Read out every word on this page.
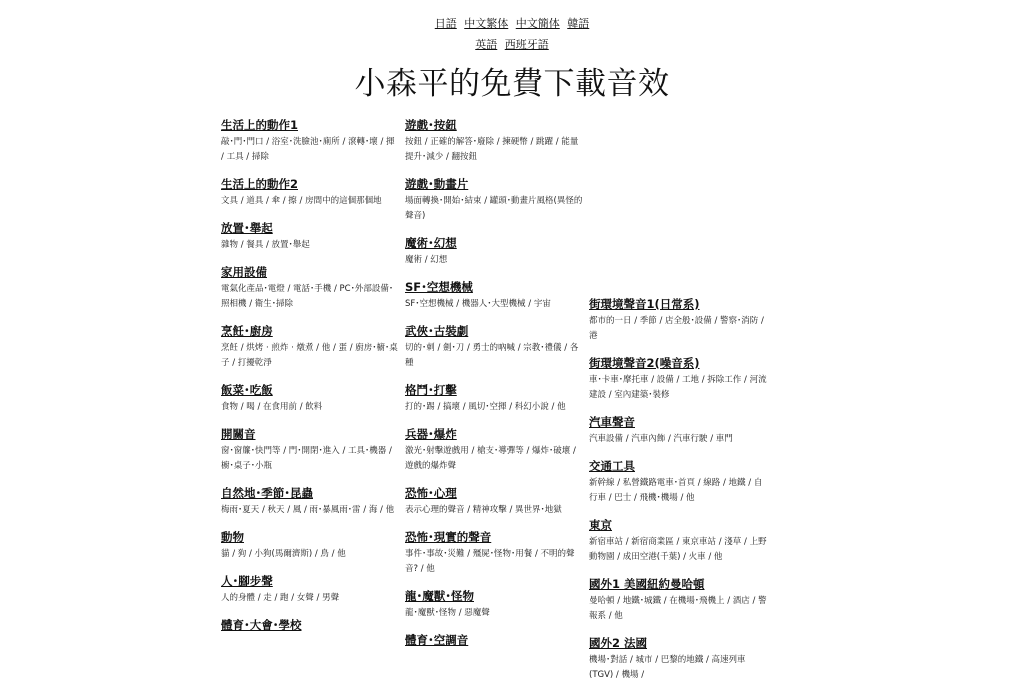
日語 中文繁体 中文簡体 韓語
英語 西班牙語
小森平的免費下載音效
生活上的動作1

敲･門･門口 / 浴室･洗臉池･廁所 / 滾轉･壞 / 揮 / 工具 / 掃除

生活上的動作2

文具 / 道具 / 傘 / 擦 / 房間中的這個那個地

放置･舉起

雜物 / 餐具 / 放置･舉起

家用設備

電氣化產品･電燈 / 電話･手機 / PC･外部設備･照相機 / 衛生･掃除

烹飪･廚房

烹飪 / 烘烤 · 煎炸 · 燉煮 / 他 / 蛋 / 廚房･櫥･桌子 / 打擾乾淨

飯菜･吃飯

食物 / 喝 / 在食用前 / 飲料

開關音

窗･窗簾･快門等 / 門･開閉･進入 / 工具･機器 / 櫥･桌子･小瓶

自然地･季節･昆蟲

梅雨･夏天 / 秋天 / 風 / 雨･暴風雨･雷 / 海 / 他

動物

貓 / 狗 / 小狗(馬爾濟斯) / 鳥 / 他

人･腳步聲

人的身體 / 走 / 跑 / 女聲 / 男聲

體育･大會･學校
遊戲･按鈕

按鈕 / 正確的解答･廢除 / 揀硬幣 / 跳躍 / 能量提升･減少 / 翻按鈕

遊戲･動畫片

場面轉換･開始･結束 / 罐頭･動畫片風格(異怪的聲音)

魔術･幻想

魔術 / 幻想

SF･空想機械

SF･空想機械 / 機器人･大型機械 / 宇宙

武俠･古裝劇

切的･刺 / 劍･刀 / 勇士的吶喊 / 宗教･禮儀 / 各種

格鬥･打擊

打的･踢 / 搞壞 / 風切･空揮 / 科幻小說 / 他

兵器･爆炸

激光･射擊遊戲用 / 槍支･導彈等 / 爆炸･破壞 / 遊戲的爆炸聲

恐怖･心理

表示心理的聲音 / 精神攻擊 / 異世界･地獄

恐怖･現實的聲音

事件･事故･災難 / 殭屍･怪物･用餐 / 不明的聲音? / 他

龍･魔獸･怪物

龍･魔獸･怪物 / 惡魔聲

體育･空調音
街環境聲音1(日常系)

都市的一日 / 季節 / 店全般･設備 / 警察･消防 / 港

街環境聲音2(噪音系)

車･卡車･摩托車 / 設備 / 工地 / 拆除工作 / 河流建設 / 室內建築･裝修

汽車聲音

汽車設備 / 汽車內飾 / 汽車行駛 / 車門

交通工具

新幹線 / 私營鐵路電車･首頁 / 線路 / 地鐵 / 自行車 / 巴士 / 飛機･機場 / 他

東京

新宿車站 / 新宿商業區 / 東京車站 / 淺草 / 上野動物園 / 成田空港(千葉) / 火車 / 他

國外1 美國紐約曼哈頓

曼哈頓 / 地鐵･城鐵 / 在機場･飛機上 / 酒店 / 警報系 / 他

國外2 法國

機場･對話 / 城市 / 巴黎的地鐵 / 高速列車(TGV) / 機場 /
